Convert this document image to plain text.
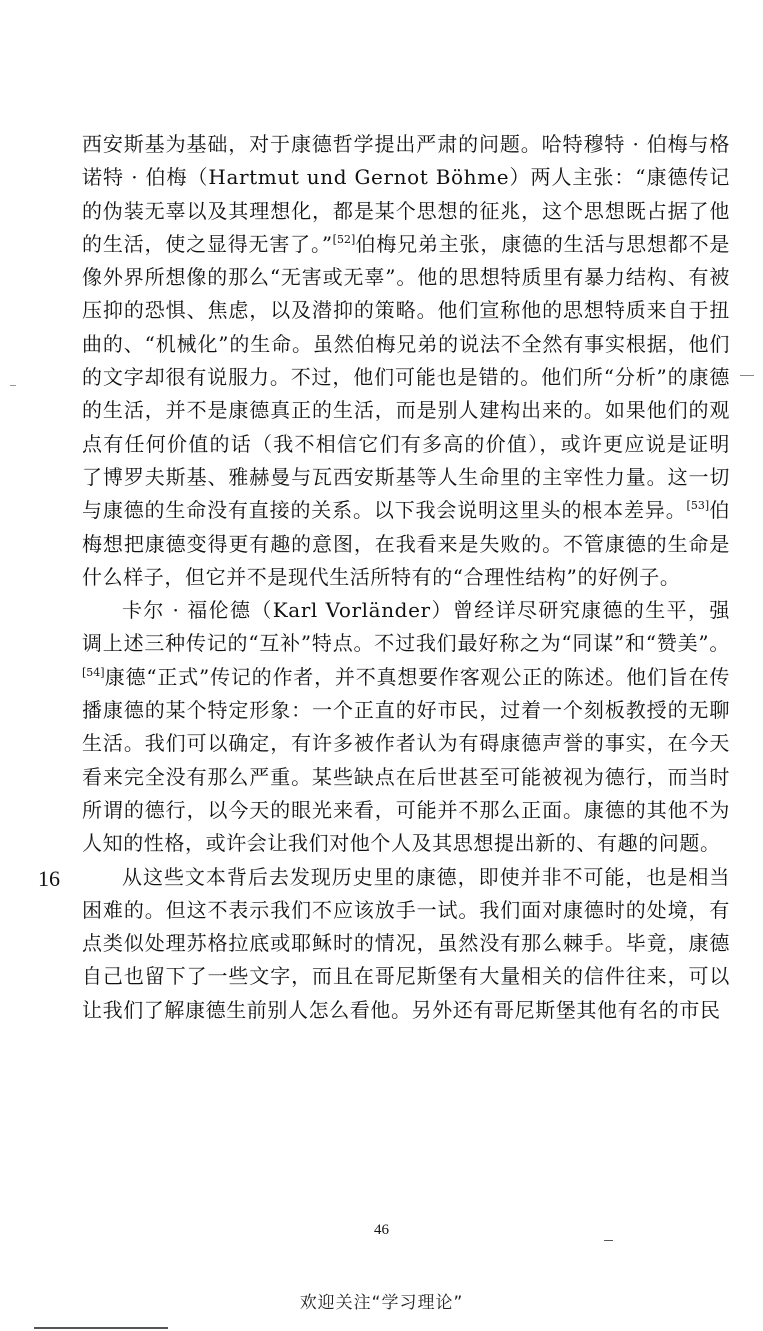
西安斯基为基础，对于康德哲学提出严肃的问题。哈特穆特 · 伯梅与格诺特 · 伯梅（Hartmut und Gernot Böhme）两人主张：“康德传记的伪装无辜以及其理想化，都是某个思想的征兆，这个思想既占据了他的生活，使之显得无害了。”[52]伯梅兄弟主张，康德的生活与思想都不是像外界所想像的那么“无害或无辜”。他的思想特质里有暴力结构、有被压抑的恐惧、焦虑，以及潜抑的策略。他们宣称他的思想特质来自于扭曲的、“机械化”的生命。虽然伯梅兄弟的说法不全然有事实根据，他们的文字却很有说服力。不过，他们可能也是错的。他们所“分析”的康德的生活，并不是康德真正的生活，而是别人建构出来的。如果他们的观点有任何价值的话（我不相信它们有多高的价值），或许更应说是证明了博罗夫斯基、雅赫曼与瓦西安斯基等人生命里的主宰性力量。这一切与康德的生命没有直接的关系。以下我会说明这里头的根本差异。[53]伯梅想把康德变得更有趣的意图，在我看来是失败的。不管康德的生命是什么样子，但它并不是现代生活所特有的“合理性结构”的好例子。

卡尔 · 福伦德（Karl Vorländer）曾经详尽研究康德的生平，强调上述三种传记的“互补”特点。不过我们最好称之为“同谋”和“赞美”。[54]康德“正式”传记的作者，并不真想要作客观公正的陈述。他们旨在传播康德的某个特定形象：一个正直的好市民，过着一个刻板教授的无聊生活。我们可以确定，有许多被作者认为有碍康德声誉的事实，在今天看来完全没有那么严重。某些缺点在后世甚至可能被视为德行，而当时所谓的德行，以今天的眼光来看，可能并不那么正面。康德的其他不为人知的性格，或许会让我们对他个人及其思想提出新的、有趣的问题。

从这些文本背后去发现历史里的康德，即使并非不可能，也是相当困难的。但这不表示我们不应该放手一试。我们面对康德时的处境，有点类似处理苏格拉底或耶稣时的情况，虽然没有那么棘手。毕竟，康德自己也留下了一些文字，而且在哥尼斯堡有大量相关的信件往来，可以让我们了解康德生前别人怎么看他。另外还有哥尼斯堡其他有名的市民

16
46
欢迎关注“学习理论”
